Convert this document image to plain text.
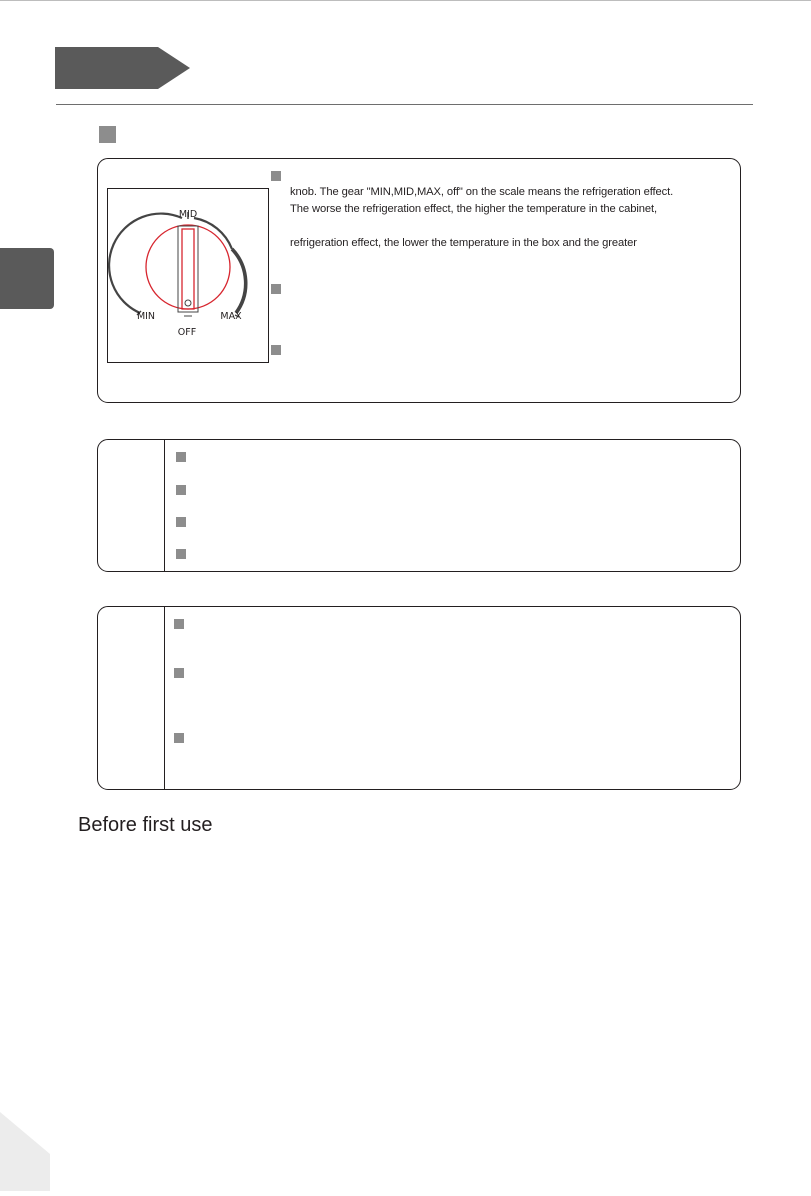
MID
MIN	MAX
OFF
knob. The gear "MIN,MID,MAX, off" on the scale means the refrigeration effect.
The worse the refrigeration effect, the higher the temperature in the cabinet,
refrigeration effect, the lower the temperature in the box and the greater
Before first use
